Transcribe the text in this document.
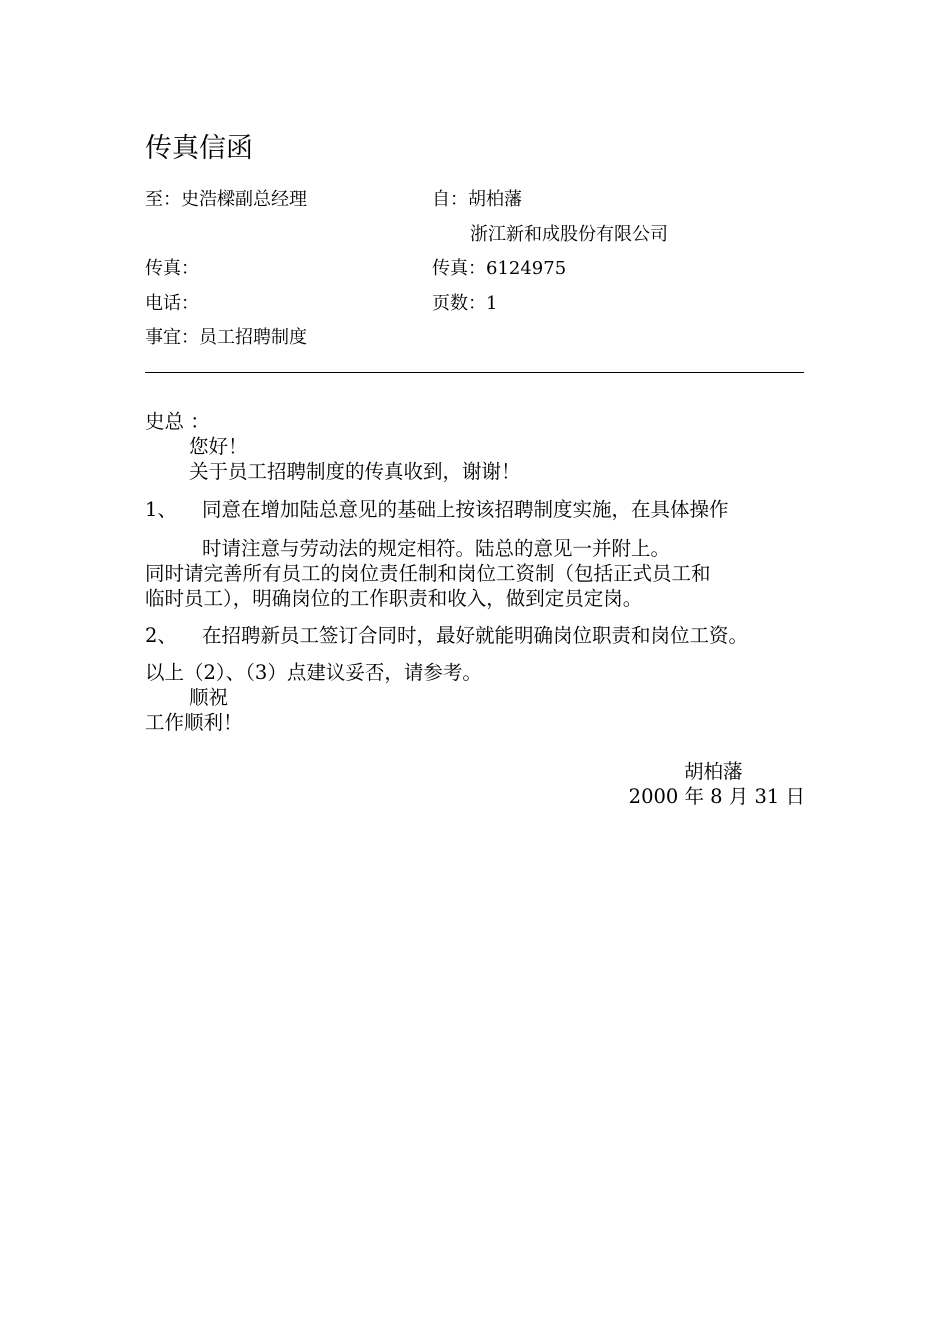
传真信函
至：史浩樑副总经理	自：胡柏藩
浙江新和成股份有限公司
传真：	传真：6124975
电话：	页数：1
事宜：员工招聘制度
史总 ：
您好！
关于员工招聘制度的传真收到，谢谢！
1、 同意在增加陆总意见的基础上按该招聘制度实施，在具体操作
时请注意与劳动法的规定相符。陆总的意见一并附上。
同时请完善所有员工的岗位责任制和岗位工资制（包括正式员工和
临时员工），明确岗位的工作职责和收入，做到定员定岗。
2、 在招聘新员工签订合同时，最好就能明确岗位职责和岗位工资。
以上（2）、（3）点建议妥否，请参考。
顺祝
工作顺利！
胡柏藩
2000 年 8 月 31 日
